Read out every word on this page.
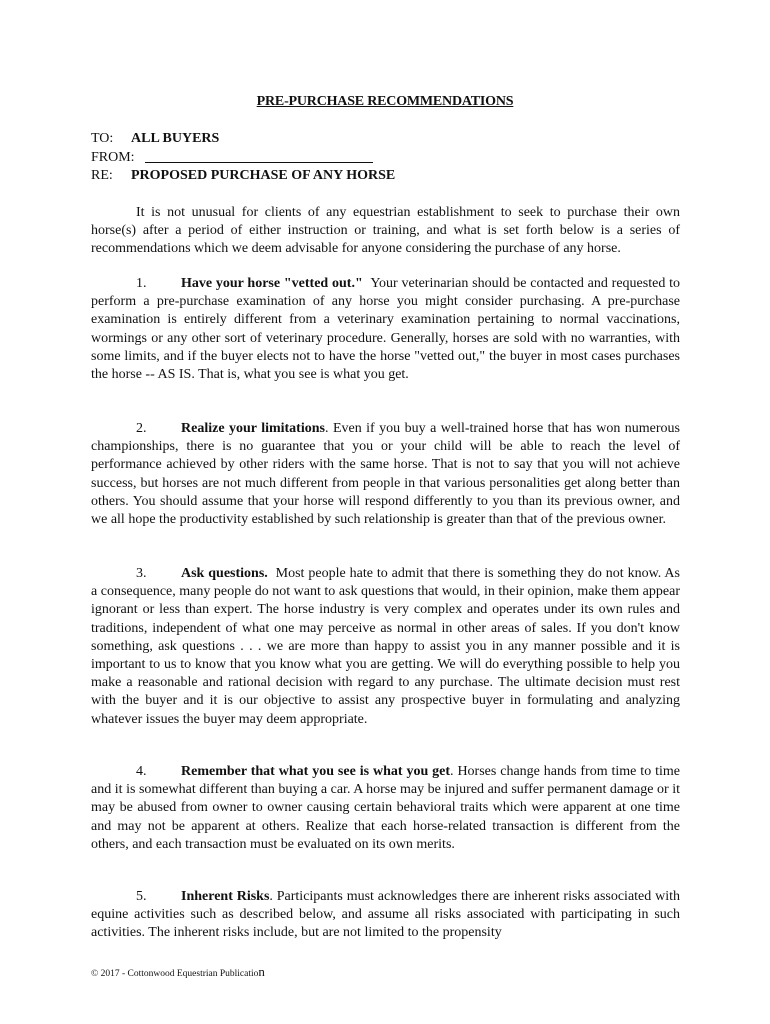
PRE-PURCHASE RECOMMENDATIONS
TO: ALL BUYERS
FROM:
RE: PROPOSED PURCHASE OF ANY HORSE

It is not unusual for clients of any equestrian establishment to seek to purchase their own horse(s) after a period of either instruction or training, and what is set forth below is a series of recommendations which we deem advisable for anyone considering the purchase of any horse.

1. Have your horse "vetted out." Your veterinarian should be contacted and requested to perform a pre-purchase examination of any horse you might consider purchasing. A pre-purchase examination is entirely different from a veterinary examination pertaining to normal vaccinations, wormings or any other sort of veterinary procedure. Generally, horses are sold with no warranties, with some limits, and if the buyer elects not to have the horse "vetted out," the buyer in most cases purchases the horse -- AS IS. That is, what you see is what you get.

2. Realize your limitations. Even if you buy a well-trained horse that has won numerous championships, there is no guarantee that you or your child will be able to reach the level of performance achieved by other riders with the same horse. That is not to say that you will not achieve success, but horses are not much different from people in that various personalities get along better than others. You should assume that your horse will respond differently to you than its previous owner, and we all hope the productivity established by such relationship is greater than that of the previous owner.

3. Ask questions. Most people hate to admit that there is something they do not know. As a consequence, many people do not want to ask questions that would, in their opinion, make them appear ignorant or less than expert. The horse industry is very complex and operates under its own rules and traditions, independent of what one may perceive as normal in other areas of sales. If you don't know something, ask questions . . . we are more than happy to assist you in any manner possible and it is important to us to know that you know what you are getting. We will do everything possible to help you make a reasonable and rational decision with regard to any purchase. The ultimate decision must rest with the buyer and it is our objective to assist any prospective buyer in formulating and analyzing whatever issues the buyer may deem appropriate.

4. Remember that what you see is what you get. Horses change hands from time to time and it is somewhat different than buying a car. A horse may be injured and suffer permanent damage or it may be abused from owner to owner causing certain behavioral traits which were apparent at one time and may not be apparent at others. Realize that each horse-related transaction is different from the others, and each transaction must be evaluated on its own merits.

5. Inherent Risks. Participants must acknowledges there are inherent risks associated with equine activities such as described below, and assume all risks associated with participating in such activities. The inherent risks include, but are not limited to the propensity

© 2017 - Cottonwood Equestrian Publication
